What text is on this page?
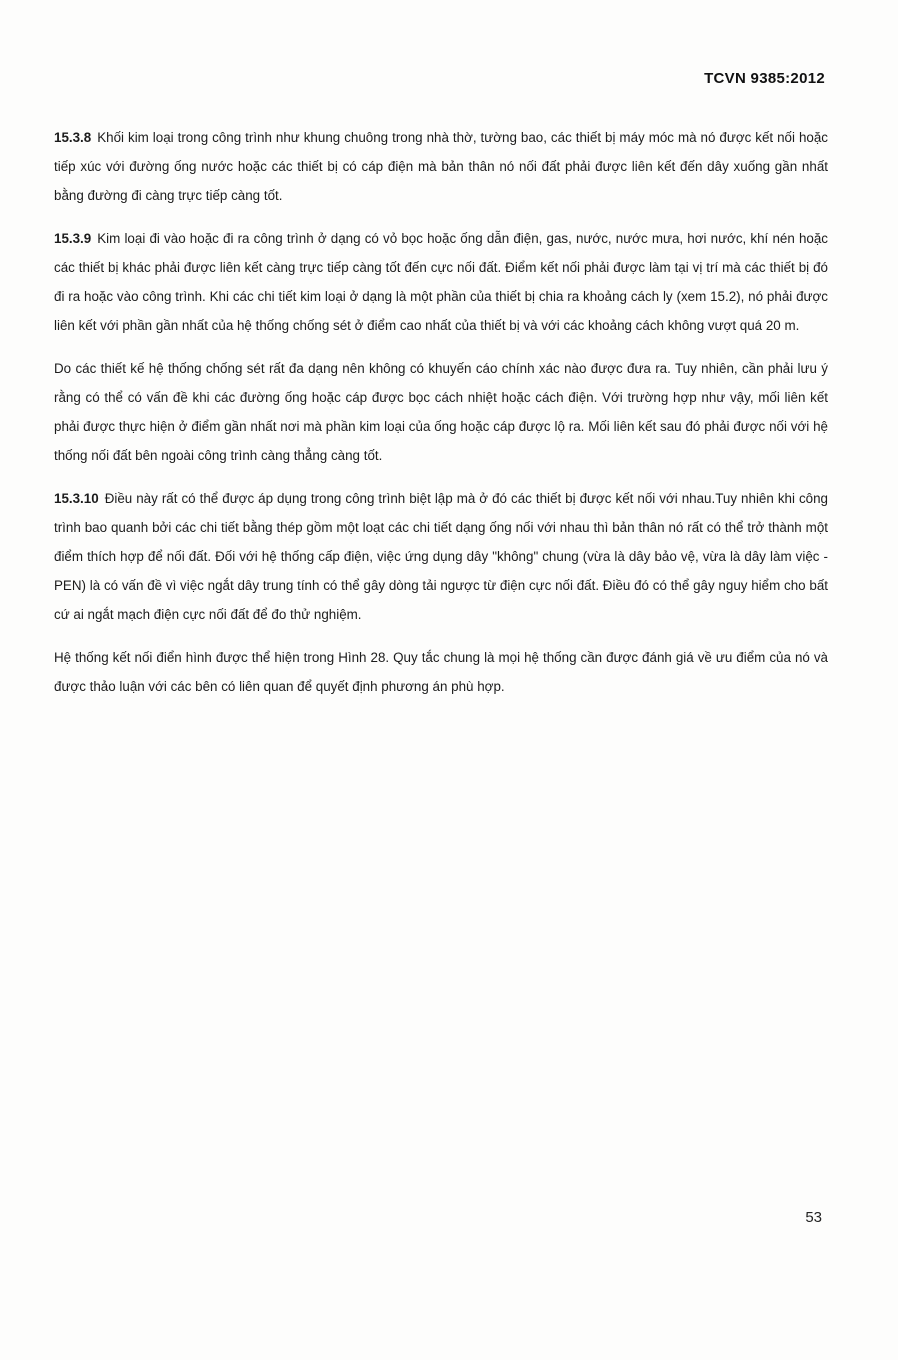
TCVN 9385:2012

15.3.8 Khối kim loại trong công trình như khung chuông trong nhà thờ, tường bao, các thiết bị máy móc mà nó được kết nối hoặc tiếp xúc với đường ống nước hoặc các thiết bị có cáp điện mà bản thân nó nối đất phải được liên kết đến dây xuống gần nhất bằng đường đi càng trực tiếp càng tốt.

15.3.9 Kim loại đi vào hoặc đi ra công trình ở dạng có vỏ bọc hoặc ống dẫn điện, gas, nước, nước mưa, hơi nước, khí nén hoặc các thiết bị khác phải được liên kết càng trực tiếp càng tốt đến cực nối đất. Điểm kết nối phải được làm tại vị trí mà các thiết bị đó đi ra hoặc vào công trình. Khi các chi tiết kim loại ở dạng là một phần của thiết bị chia ra khoảng cách ly (xem 15.2), nó phải được liên kết với phần gần nhất của hệ thống chống sét ở điểm cao nhất của thiết bị và với các khoảng cách không vượt quá 20 m.

Do các thiết kế hệ thống chống sét rất đa dạng nên không có khuyến cáo chính xác nào được đưa ra. Tuy nhiên, cần phải lưu ý rằng có thể có vấn đề khi các đường ống hoặc cáp được bọc cách nhiệt hoặc cách điện. Với trường hợp như vậy, mối liên kết phải được thực hiện ở điểm gần nhất nơi mà phần kim loại của ống hoặc cáp được lộ ra. Mối liên kết sau đó phải được nối với hệ thống nối đất bên ngoài công trình càng thẳng càng tốt.

15.3.10 Điều này rất có thể được áp dụng trong công trình biệt lập mà ở đó các thiết bị được kết nối với nhau.Tuy nhiên khi công trình bao quanh bởi các chi tiết bằng thép gồm một loạt các chi tiết dạng ống nối với nhau thì bản thân nó rất có thể trở thành một điểm thích hợp để nối đất. Đối với hệ thống cấp điện, việc ứng dụng dây "không" chung (vừa là dây bảo vệ, vừa là dây làm việc - PEN) là có vấn đề vì việc ngắt dây trung tính có thể gây dòng tải ngược từ điện cực nối đất. Điều đó có thể gây nguy hiểm cho bất cứ ai ngắt mạch điện cực nối đất để đo thử nghiệm.

Hệ thống kết nối điển hình được thể hiện trong Hình 28. Quy tắc chung là mọi hệ thống cần được đánh giá về ưu điểm của nó và được thảo luận với các bên có liên quan để quyết định phương án phù hợp.

53
